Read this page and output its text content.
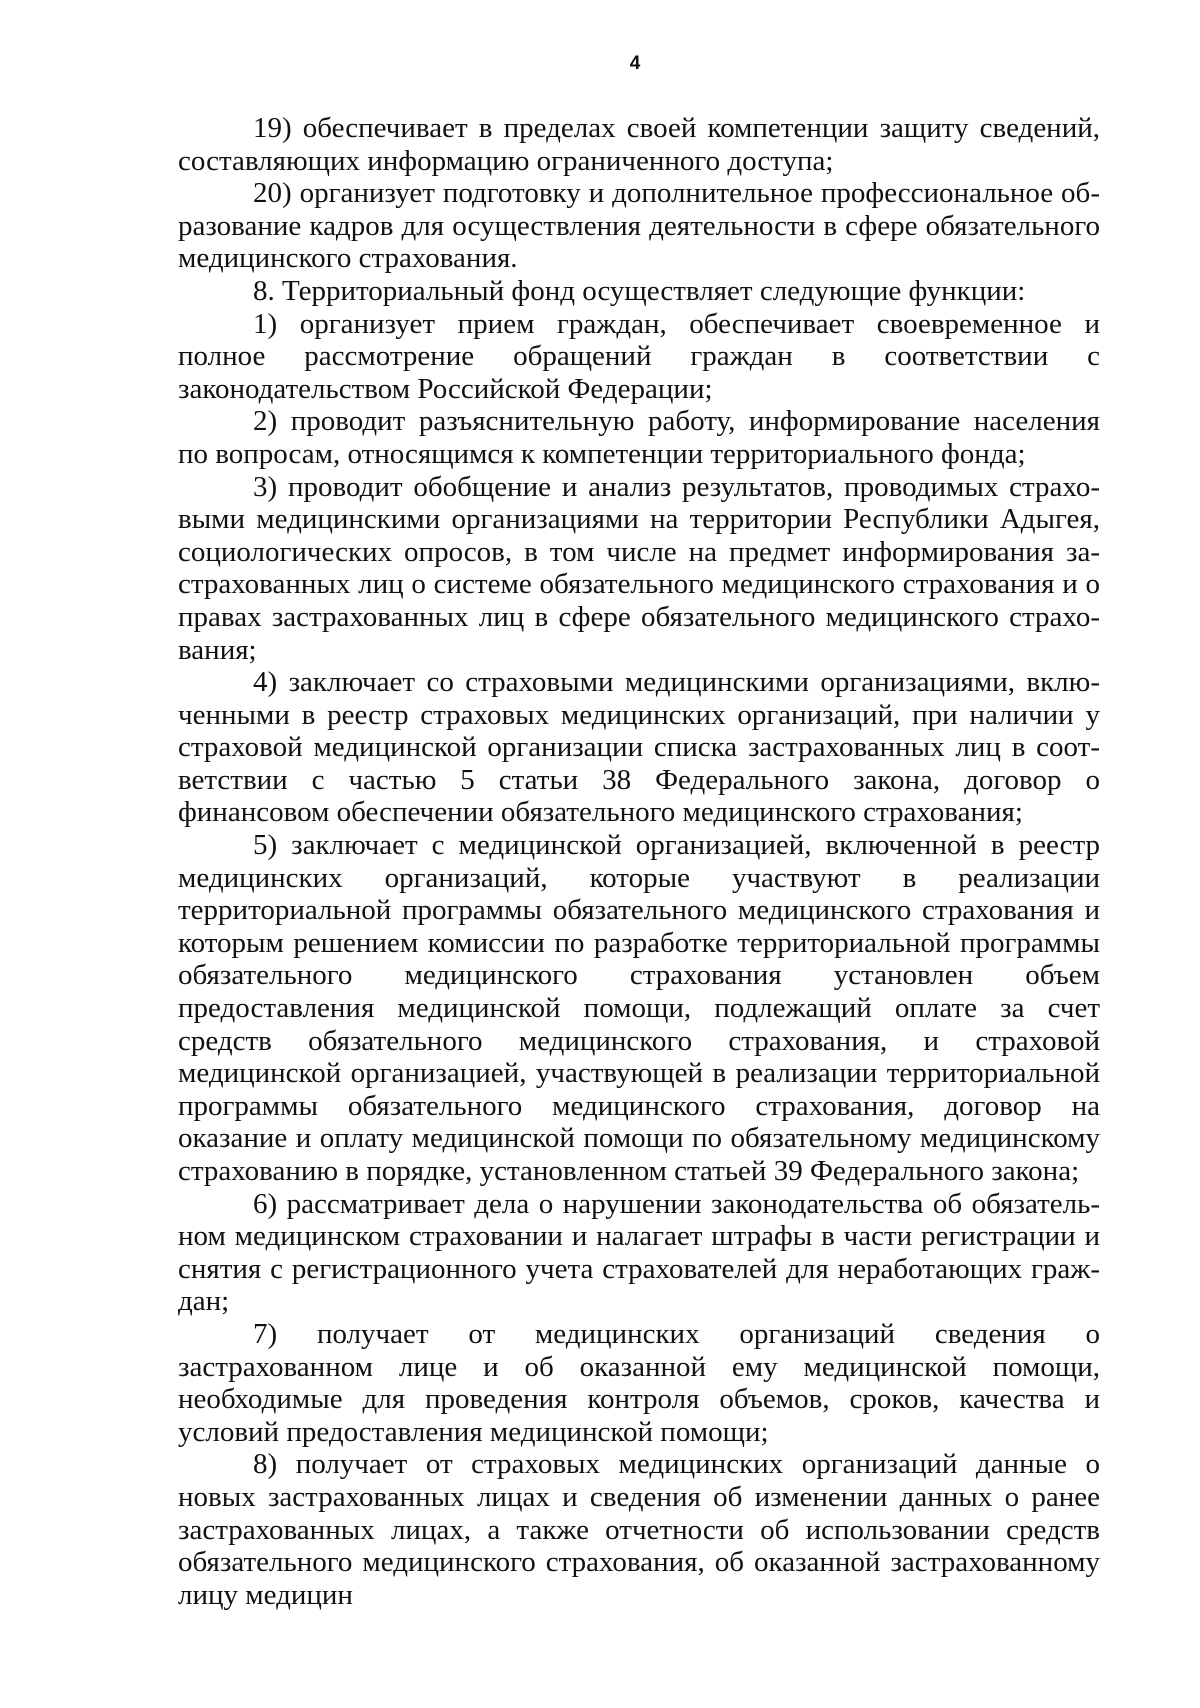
4

19) обеспечивает в пределах своей компетенции защиту сведений, составляющих информацию ограниченного доступа;

20) организует подготовку и дополнительное профессиональное образование кадров для осуществления деятельности в сфере обязательного медицинского страхования.

8. Территориальный фонд осуществляет следующие функции:

1) организует прием граждан, обеспечивает своевременное и полное рассмотрение обращений граждан в соответствии с законодательством Российской Федерации;

2) проводит разъяснительную работу, информирование населения по вопросам, относящимся к компетенции территориального фонда;

3) проводит обобщение и анализ результатов, проводимых страховыми медицинскими организациями на территории Республики Адыгея, социологических опросов, в том числе на предмет информирования застрахованных лиц о системе обязательного медицинского страхования и о правах застрахованных лиц в сфере обязательного медицинского страхования;

4) заключает со страховыми медицинскими организациями, включенными в реестр страховых медицинских организаций, при наличии у страховой медицинской организации списка застрахованных лиц в соответствии с частью 5 статьи 38 Федерального закона, договор о финансовом обеспечении обязательного медицинского страхования;

5) заключает с медицинской организацией, включенной в реестр медицинских организаций, которые участвуют в реализации территориальной программы обязательного медицинского страхования и которым решением комиссии по разработке территориальной программы обязательного медицинского страхования установлен объем предоставления медицинской помощи, подлежащий оплате за счет средств обязательного медицинского страхования, и страховой медицинской организацией, участвующей в реализации территориальной программы обязательного медицинского страхования, договор на оказание и оплату медицинской помощи по обязательному медицинскому страхованию в порядке, установленном статьей 39 Федерального закона;

6) рассматривает дела о нарушении законодательства об обязательном медицинском страховании и налагает штрафы в части регистрации и снятия с регистрационного учета страхователей для неработающих граждан;

7) получает от медицинских организаций сведения о застрахованном лице и об оказанной ему медицинской помощи, необходимые для проведения контроля объемов, сроков, качества и условий предоставления медицинской помощи;

8) получает от страховых медицинских организаций данные о новых застрахованных лицах и сведения об изменении данных о ранее застрахованных лицах, а также отчетности об использовании средств обязательного медицинского страхования, об оказанной застрахованному лицу медицин
